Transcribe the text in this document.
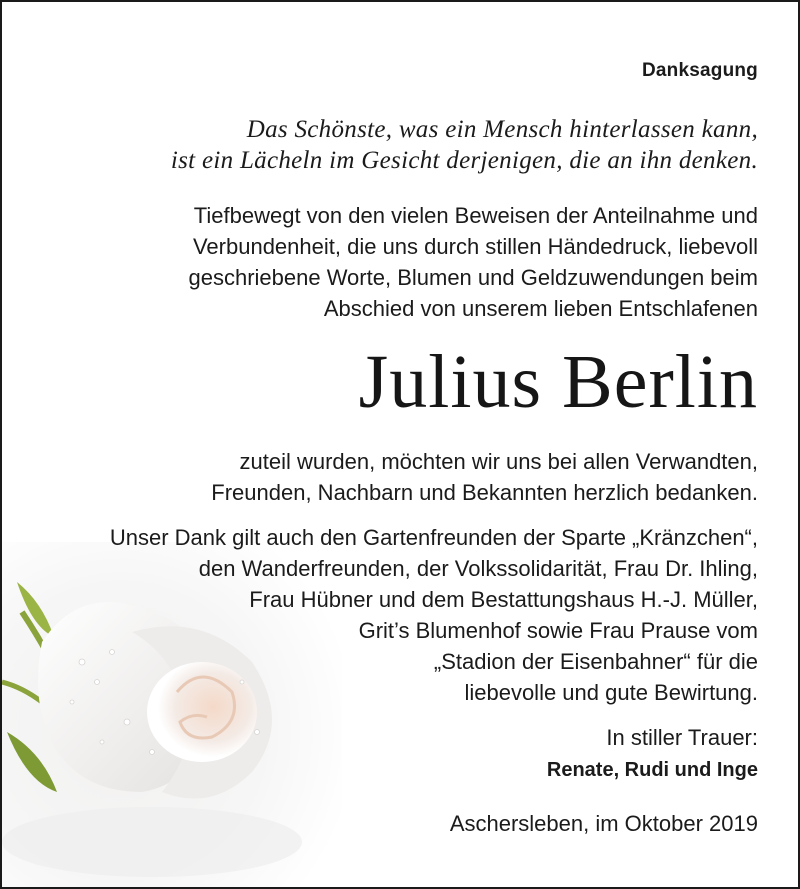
Danksagung
Das Schönste, was ein Mensch hinterlassen kann,
ist ein Lächeln im Gesicht derjenigen, die an ihn denken.
Tiefbewegt von den vielen Beweisen der Anteilnahme und
Verbundenheit, die uns durch stillen Händedruck, liebevoll
geschriebene Worte, Blumen und Geldzuwendungen beim
Abschied von unserem lieben Entschlafenen
Julius Berlin
zuteil wurden, möchten wir uns bei allen Verwandten,
Freunden, Nachbarn und Bekannten herzlich bedanken.
Unser Dank gilt auch den Gartenfreunden der Sparte „Kränzchen“,
den Wanderfreunden, der Volkssolidarität, Frau Dr. Ihling,
Frau Hübner und dem Bestattungshaus H.-J. Müller,
Grit’s Blumenhof sowie Frau Prause vom
„Stadion der Eisenbahner“ für die
liebevolle und gute Bewirtung.
In stiller Trauer:
Renate, Rudi und Inge
Aschersleben, im Oktober 2019
